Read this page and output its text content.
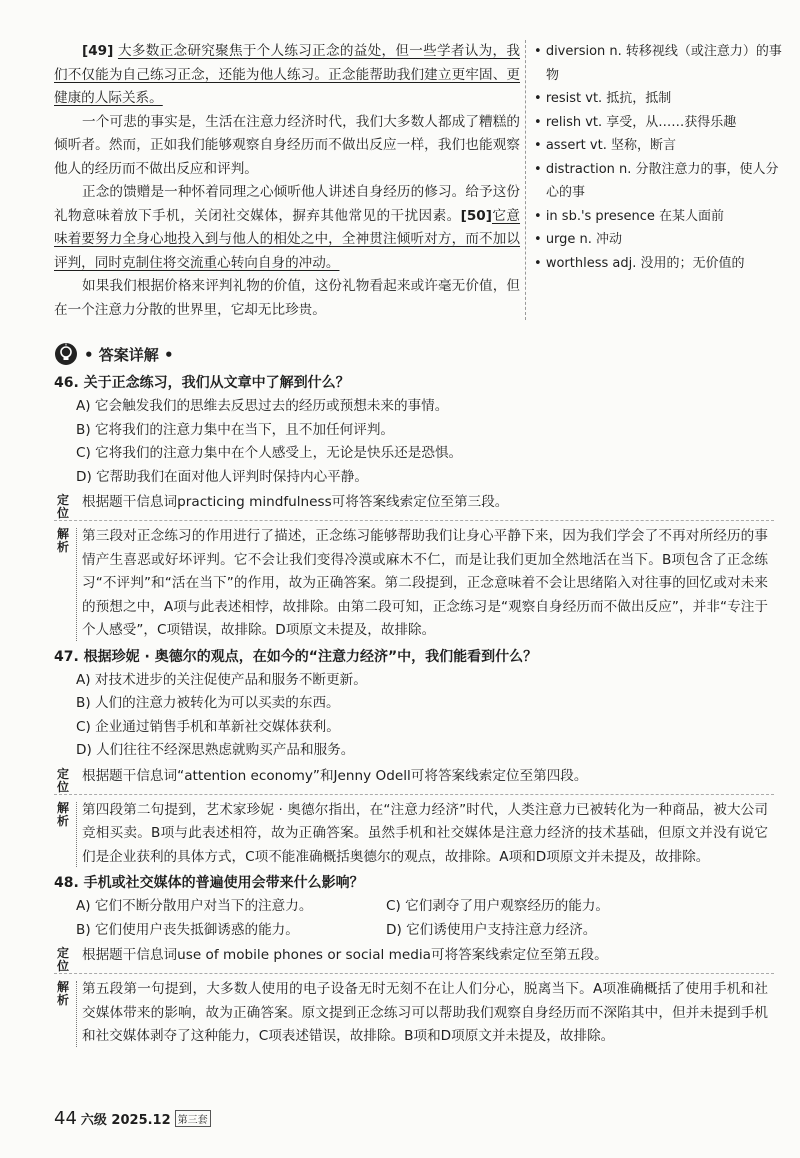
[49] 大多数正念研究聚焦于个人练习正念的益处，但一些学者认为，我们不仅能为自己练习正念，还能为他人练习。正念能帮助我们建立更牢固、更健康的人际关系。

一个可悲的事实是，生活在注意力经济时代，我们大多数人都成了糟糕的倾听者。然而，正如我们能够观察自身经历而不做出反应一样，我们也能观察他人的经历而不做出反应和评判。

正念的馈赠是一种怀着同理之心倾听他人讲述自身经历的修习。给予这份礼物意味着放下手机，关闭社交媒体，摒弃其他常见的干扰因素。[50]它意味着要努力全身心地投入到与他人的相处之中，全神贯注倾听对方，而不加以评判，同时克制住将交流重心转向自身的冲动。

如果我们根据价格来评判礼物的价值，这份礼物看起来或许毫无价值，但在一个注意力分散的世界里，它却无比珍贵。

• diversion n. 转移视线（或注意力）的事物
• resist vt. 抵抗，抵制
• relish vt. 享受，从……获得乐趣
• assert vt. 坚称，断言
• distraction n. 分散注意力的事，使人分心的事
• in sb.'s presence 在某人面前
• urge n. 冲动
• worthless adj. 没用的；无价值的
• 答案详解 •
46. 关于正念练习，我们从文章中了解到什么？
A) 它会触发我们的思维去反思过去的经历或预想未来的事情。
B) 它将我们的注意力集中在当下，且不加任何评判。
C) 它将我们的注意力集中在个人感受上，无论是快乐还是恐惧。
D) 它帮助我们在面对他人评判时保持内心平静。
定位
根据题干信息词practicing mindfulness可将答案线索定位至第三段。
解析
第三段对正念练习的作用进行了描述，正念练习能够帮助我们让身心平静下来，因为我们学会了不再对所经历的事情产生喜恶或好坏评判。它不会让我们变得冷漠或麻木不仁，而是让我们更加全然地活在当下。B项包含了正念练习“不评判”和“活在当下”的作用，故为正确答案。第二段提到，正念意味着不会让思绪陷入对往事的回忆或对未来的预想之中，A项与此表述相悖，故排除。由第二段可知，正念练习是“观察自身经历而不做出反应”，并非“专注于个人感受”，C项错误，故排除。D项原文未提及，故排除。
47. 根据珍妮 · 奥德尔的观点，在如今的“注意力经济”中，我们能看到什么？
A) 对技术进步的关注促使产品和服务不断更新。
B) 人们的注意力被转化为可以买卖的东西。
C) 企业通过销售手机和革新社交媒体获利。
D) 人们往往不经深思熟虑就购买产品和服务。
定位
根据题干信息词“attention economy”和Jenny Odell可将答案线索定位至第四段。
解析
第四段第二句提到，艺术家珍妮 · 奥德尔指出，在“注意力经济”时代，人类注意力已被转化为一种商品，被大公司竞相买卖。B项与此表述相符，故为正确答案。虽然手机和社交媒体是注意力经济的技术基础，但原文并没有说它们是企业获利的具体方式，C项不能准确概括奥德尔的观点，故排除。A项和D项原文并未提及，故排除。
48. 手机或社交媒体的普遍使用会带来什么影响？
A) 它们不断分散用户对当下的注意力。	C) 它们剥夺了用户观察经历的能力。
B) 它们使用户丧失抵御诱惑的能力。	D) 它们诱使用户支持注意力经济。
定位
根据题干信息词use of mobile phones or social media可将答案线索定位至第五段。
解析
第五段第一句提到，大多数人使用的电子设备无时无刻不在让人们分心，脱离当下。A项准确概括了使用手机和社交媒体带来的影响，故为正确答案。原文提到正念练习可以帮助我们观察自身经历而不深陷其中，但并未提到手机和社交媒体剥夺了这种能力，C项表述错误，故排除。B项和D项原文并未提及，故排除。
44 六级 2025.12 第三套
